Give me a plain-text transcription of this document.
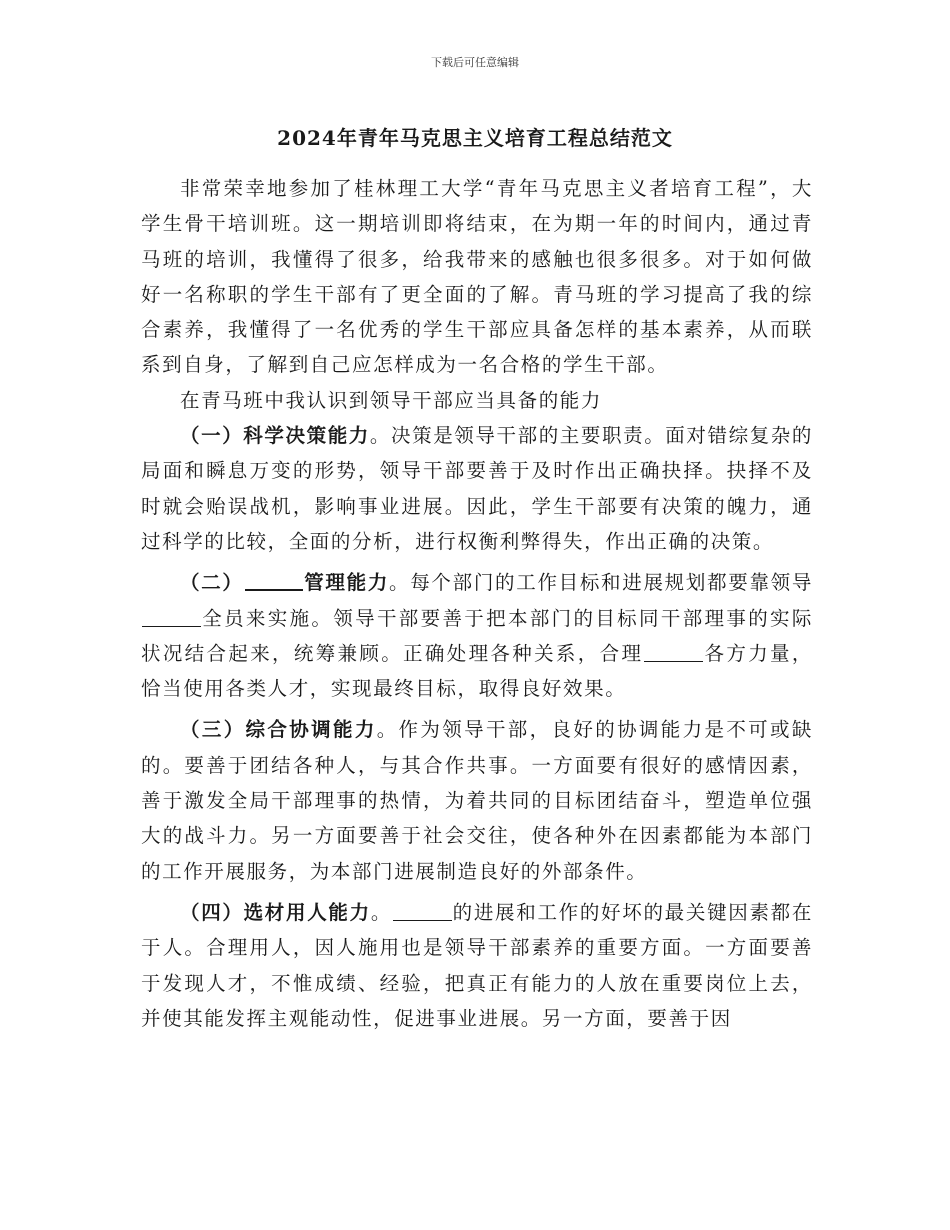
下载后可任意编辑
2024年青年马克思主义培育工程总结范文

非常荣幸地参加了桂林理工大学“青年马克思主义者培育工程”，大学生骨干培训班。这一期培训即将结束，在为期一年的时间内，通过青马班的培训，我懂得了很多，给我带来的感触也很多很多。对于如何做好一名称职的学生干部有了更全面的了解。青马班的学习提高了我的综合素养，我懂得了一名优秀的学生干部应具备怎样的基本素养，从而联系到自身，了解到自己应怎样成为一名合格的学生干部。

在青马班中我认识到领导干部应当具备的能力

（一）科学决策能力。决策是领导干部的主要职责。面对错综复杂的局面和瞬息万变的形势，领导干部要善于及时作出正确抉择。抉择不及时就会贻误战机，影响事业进展。因此，学生干部要有决策的魄力，通过科学的比较，全面的分析，进行权衡利弊得失，作出正确的决策。

（二）	管理能力。每个部门的工作目标和进展规划都要靠领导全员来实施。领导干部要善于把本部门的目标同干部理事的实际状况结合起来，统筹兼顾。正确处理各种关系，合理	各方力量，恰当使用各类人才，实现最终目标，取得良好效果。

（三）综合协调能力。作为领导干部，良好的协调能力是不可或缺的。要善于团结各种人，与其合作共事。一方面要有很好的感情因素，善于激发全局干部理事的热情，为着共同的目标团结奋斗，塑造单位强大的战斗力。另一方面要善于社会交往，使各种外在因素都能为本部门的工作开展服务，为本部门进展制造良好的外部条件。

（四）选材用人能力。	的进展和工作的好坏的最关键因素都在于人。合理用人，因人施用也是领导干部素养的重要方面。一方面要善于发现人才，不惟成绩、经验，把真正有能力的人放在重要岗位上去，并使其能发挥主观能动性，促进事业进展。另一方面，要善于因
